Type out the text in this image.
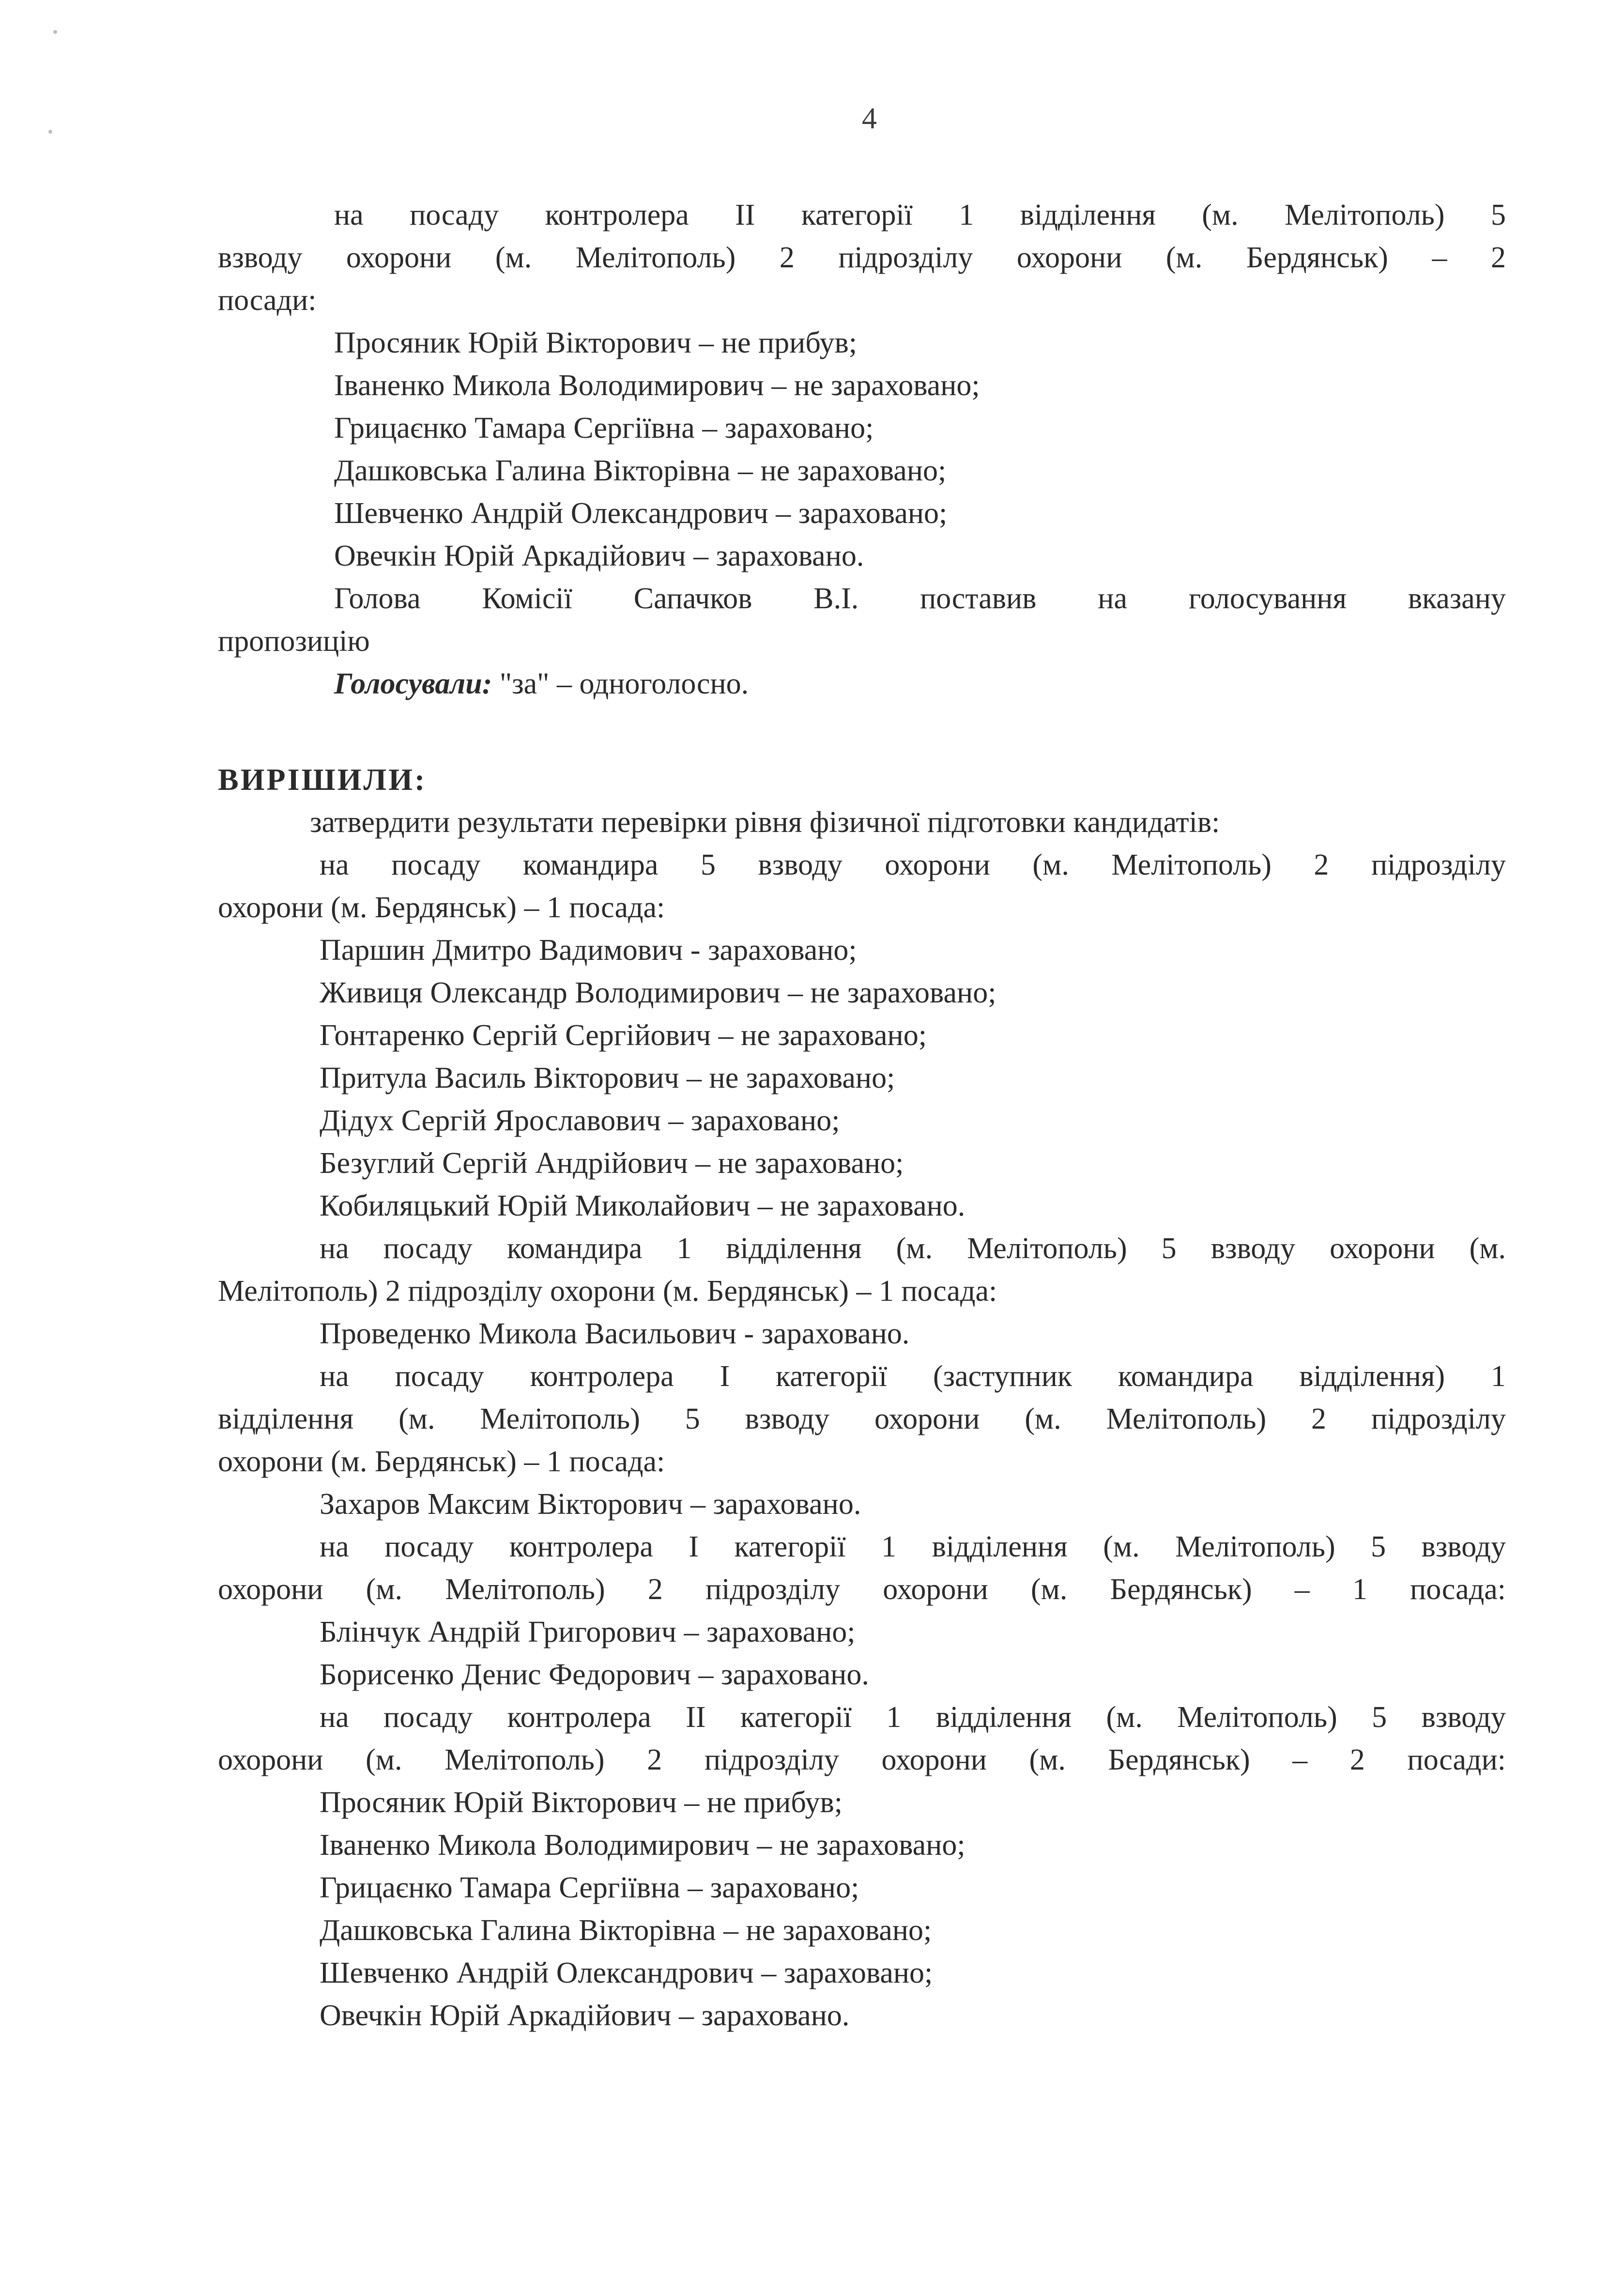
4
на посаду контролера ІІ категорії 1 відділення (м. Мелітополь) 5
взводу охорони (м. Мелітополь) 2 підрозділу охорони (м. Бердянськ) – 2
посади:
Просяник Юрій Вікторович – не прибув;
Іваненко Микола Володимирович – не зараховано;
Грицаєнко Тамара Сергіївна – зараховано;
Дашковська Галина Вікторівна – не зараховано;
Шевченко Андрій Олександрович – зараховано;
Овечкін Юрій Аркадійович – зараховано.
Голова Комісії Сапачков В.І. поставив на голосування вказану
пропозицію
Голосували: "за" – одноголосно.
ВИРІШИЛИ:
затвердити результати перевірки рівня фізичної підготовки кандидатів:
на посаду командира 5 взводу охорони (м. Мелітополь) 2 підрозділу
охорони (м. Бердянськ) – 1 посада:
Паршин Дмитро Вадимович - зараховано;
Живиця Олександр Володимирович – не зараховано;
Гонтаренко Сергій Сергійович – не зараховано;
Притула Василь Вікторович – не зараховано;
Дідух Сергій Ярославович – зараховано;
Безуглий Сергій Андрійович – не зараховано;
Кобиляцький Юрій Миколайович – не зараховано.
на посаду командира 1 відділення (м. Мелітополь) 5 взводу охорони (м.
Мелітополь) 2 підрозділу охорони (м. Бердянськ) – 1 посада:
Проведенко Микола Васильович - зараховано.
на посаду контролера І категорії (заступник командира відділення) 1
відділення (м. Мелітополь) 5 взводу охорони (м. Мелітополь) 2 підрозділу
охорони (м. Бердянськ) – 1 посада:
Захаров Максим Вікторович – зараховано.
на посаду контролера І категорії 1 відділення (м. Мелітополь) 5 взводу
охорони (м. Мелітополь) 2 підрозділу охорони (м. Бердянськ) – 1 посада:
Блінчук Андрій Григорович – зараховано;
Борисенко Денис Федорович – зараховано.
на посаду контролера ІІ категорії 1 відділення (м. Мелітополь) 5 взводу
охорони (м. Мелітополь) 2 підрозділу охорони (м. Бердянськ) – 2 посади:
Просяник Юрій Вікторович – не прибув;
Іваненко Микола Володимирович – не зараховано;
Грицаєнко Тамара Сергіївна – зараховано;
Дашковська Галина Вікторівна – не зараховано;
Шевченко Андрій Олександрович – зараховано;
Овечкін Юрій Аркадійович – зараховано.
